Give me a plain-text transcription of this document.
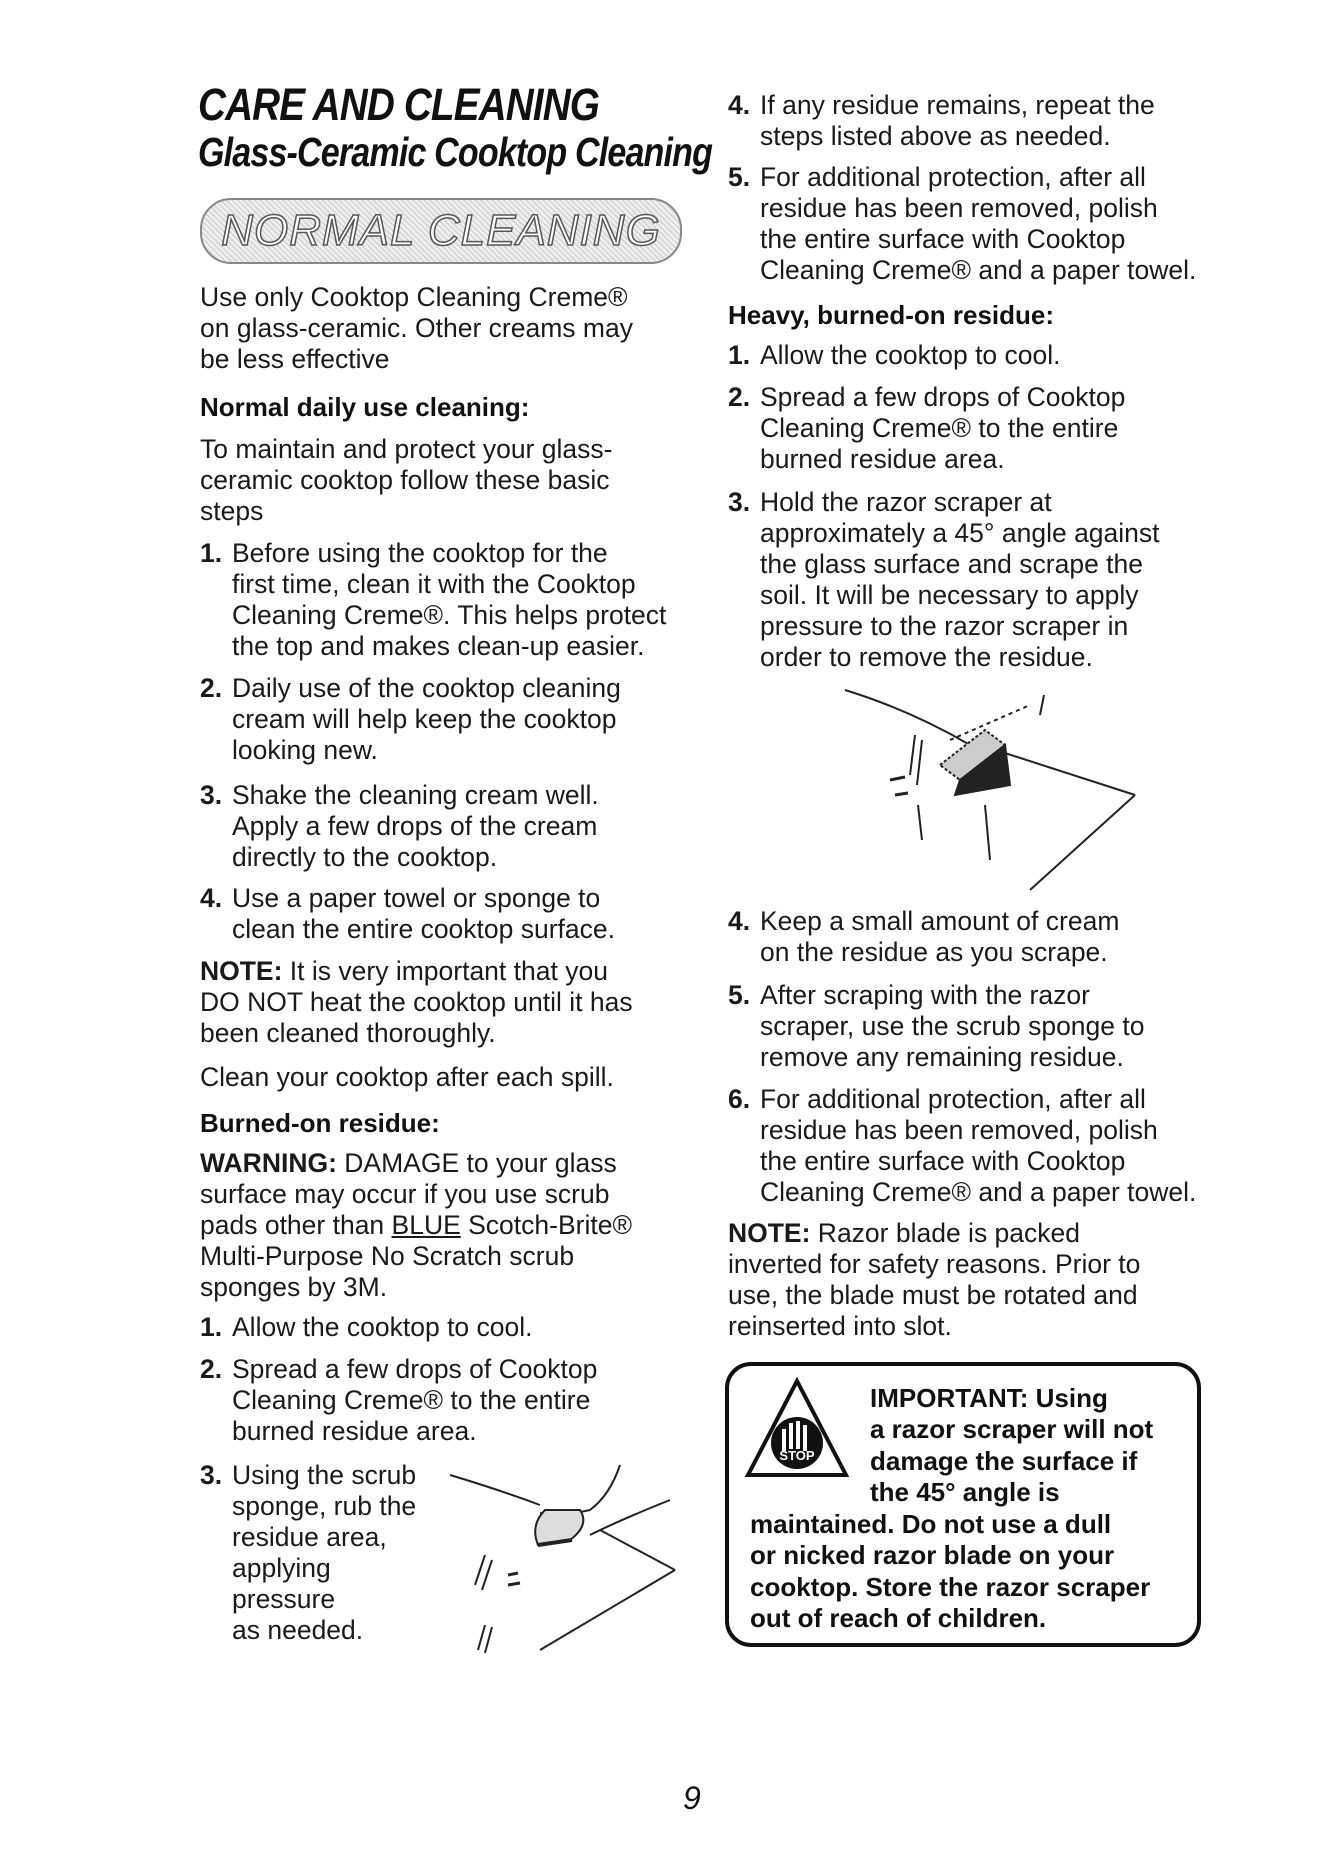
CARE AND CLEANING
Glass-Ceramic Cooktop Cleaning
NORMAL CLEANING

Use only Cooktop Cleaning Creme®

on glass-ceramic. Other creams may

be less effective

Normal daily use cleaning:

To maintain and protect your glass-

ceramic cooktop follow these basic

steps

1. Before using the cooktop for the
first time, clean it with the Cooktop
Cleaning Creme®. This helps protect
the top and makes clean-up easier.
2. Daily use of the cooktop cleaning
cream will help keep the cooktop
looking new.
3. Shake the cleaning cream well.
Apply a few drops of the cream
directly to the cooktop.
4. Use a paper towel or sponge to
clean the entire cooktop surface.

NOTE: It is very important that you
DO NOT heat the cooktop until it has
been cleaned thoroughly.

Clean your cooktop after each spill.

Burned-on residue:

WARNING: DAMAGE to your glass
surface may occur if you use scrub
pads other than BLUE Scotch-Brite®
Multi-Purpose No Scratch scrub
sponges by 3M.

1. Allow the cooktop to cool.
2. Spread a few drops of Cooktop
Cleaning Creme® to the entire
burned residue area.
3. Using the scrub
sponge, rub the
residue area,
applying
pressure
as needed.
4. If any residue remains, repeat the
steps listed above as needed.
5. For additional protection, after all
residue has been removed, polish
the entire surface with Cooktop
Cleaning Creme® and a paper towel.

Heavy, burned-on residue:

1. Allow the cooktop to cool.
2. Spread a few drops of Cooktop
Cleaning Creme® to the entire
burned residue area.
3. Hold the razor scraper at
approximately a 45° angle against
the glass surface and scrape the
soil. It will be necessary to apply
pressure to the razor scraper in
order to remove the residue.
4. Keep a small amount of cream
on the residue as you scrape.
5. After scraping with the razor
scraper, use the scrub sponge to
remove any remaining residue.
6. For additional protection, after all
residue has been removed, polish
the entire surface with Cooktop
Cleaning Creme® and a paper towel.

NOTE: Razor blade is packed
inverted for safety reasons. Prior to
use, the blade must be rotated and
reinserted into slot.

STOP

IMPORTANT: Using

a razor scraper will not

damage the surface if

the 45° angle is

maintained. Do not use a dull

or nicked razor blade on your

cooktop. Store the razor scraper

out of reach of children.

9
